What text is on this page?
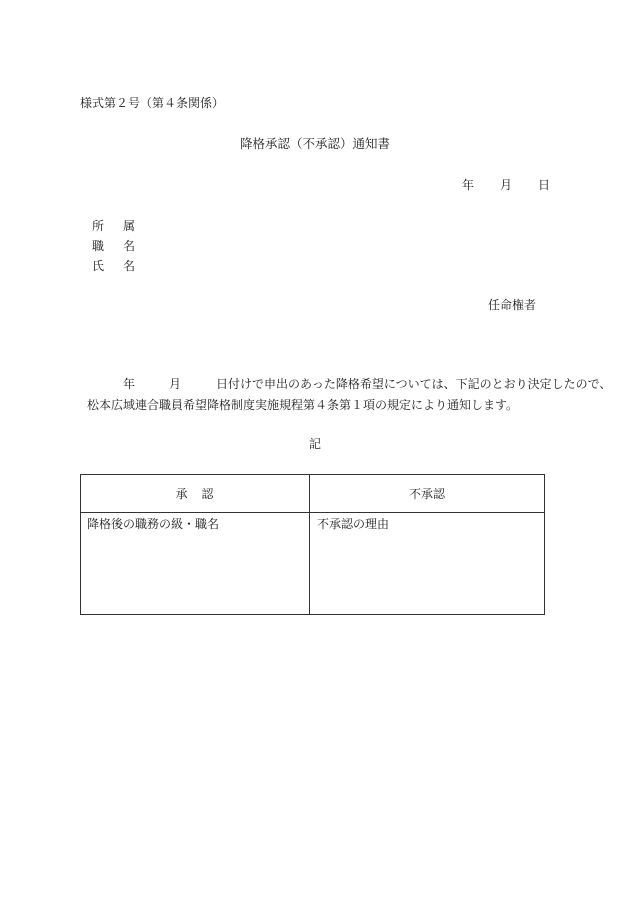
様式第２号（第４条関係）
降格承認（不承認）通知書
年 月 日
所 属
職 名
氏 名
任命権者
年	月	日付けで申出のあった降格希望については、下記のとおり決定したので、
松本広域連合職員希望降格制度実施規程第４条第１項の規定により通知します。
記
承　認	不承認
降格後の職務の級・職名	不承認の理由
